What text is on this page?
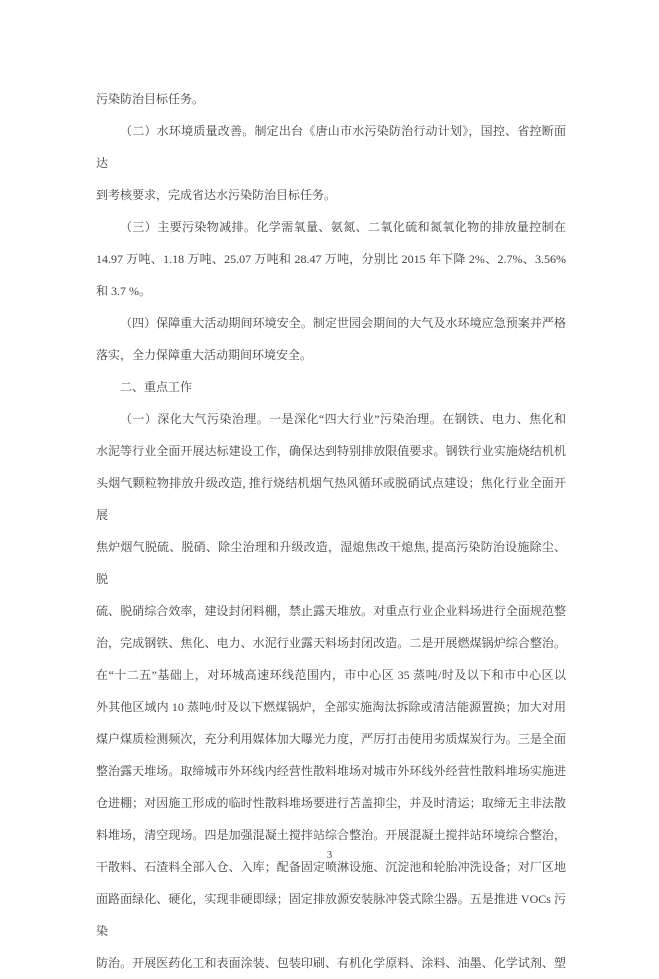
污染防治目标任务。
（二）水环境质量改善。制定出台《唐山市水污染防治行动计划》，国控、省控断面达
到考核要求，完成省达水污染防治目标任务。
（三）主要污染物减排。化学需氧量、氨氮、二氧化硫和氮氧化物的排放量控制在
14.97 万吨、1.18 万吨、25.07 万吨和 28.47 万吨，分别比 2015 年下降 2%、2.7%、3.56%
和 3.7 %。
（四）保障重大活动期间环境安全。制定世园会期间的大气及水环境应急预案并严格
落实，全力保障重大活动期间环境安全。
二、重点工作
（一）深化大气污染治理。一是深化“四大行业”污染治理。在钢铁、电力、焦化和
水泥等行业全面开展达标建设工作，确保达到特别排放限值要求。钢铁行业实施烧结机机
头烟气颗粒物排放升级改造, 推行烧结机烟气热风循环或脱硝试点建设；焦化行业全面开展
焦炉烟气脱硫、脱硝、除尘治理和升级改造，湿熄焦改干熄焦, 提高污染防治设施除尘、脱
硫、脱硝综合效率，建设封闭料棚，禁止露天堆放。对重点行业企业料场进行全面规范整
治，完成钢铁、焦化、电力、水泥行业露天料场封闭改造。二是开展燃煤锅炉综合整治。
在“十二五”基础上，对环城高速环线范围内，市中心区 35 蒸吨/时及以下和市中心区以
外其他区域内 10 蒸吨/时及以下燃煤锅炉，全部实施淘汰拆除或清洁能源置换；加大对用
煤户煤质检测频次，充分利用媒体加大曝光力度，严厉打击使用劣质煤炭行为。三是全面
整治露天堆场。取缔城市外环线内经营性散料堆场对城市外环线外经营性散料堆场实施进
仓进棚；对因施工形成的临时性散料堆场要进行苫盖抑尘，并及时清运；取缔无主非法散
料堆场，清空现场。四是加强混凝土搅拌站综合整治。开展混凝土搅拌站环境综合整治，
干散料、石渣料全部入仓、入库；配备固定喷淋设施、沉淀池和轮胎冲洗设备；对厂区地
面路面绿化、硬化，实现非硬即绿；固定排放源安装脉冲袋式除尘器。五是推进 VOCs 污染
防治。开展医药化工和表面涂装、包装印刷、有机化学原料、涂料、油墨、化学试剂、塑
3
